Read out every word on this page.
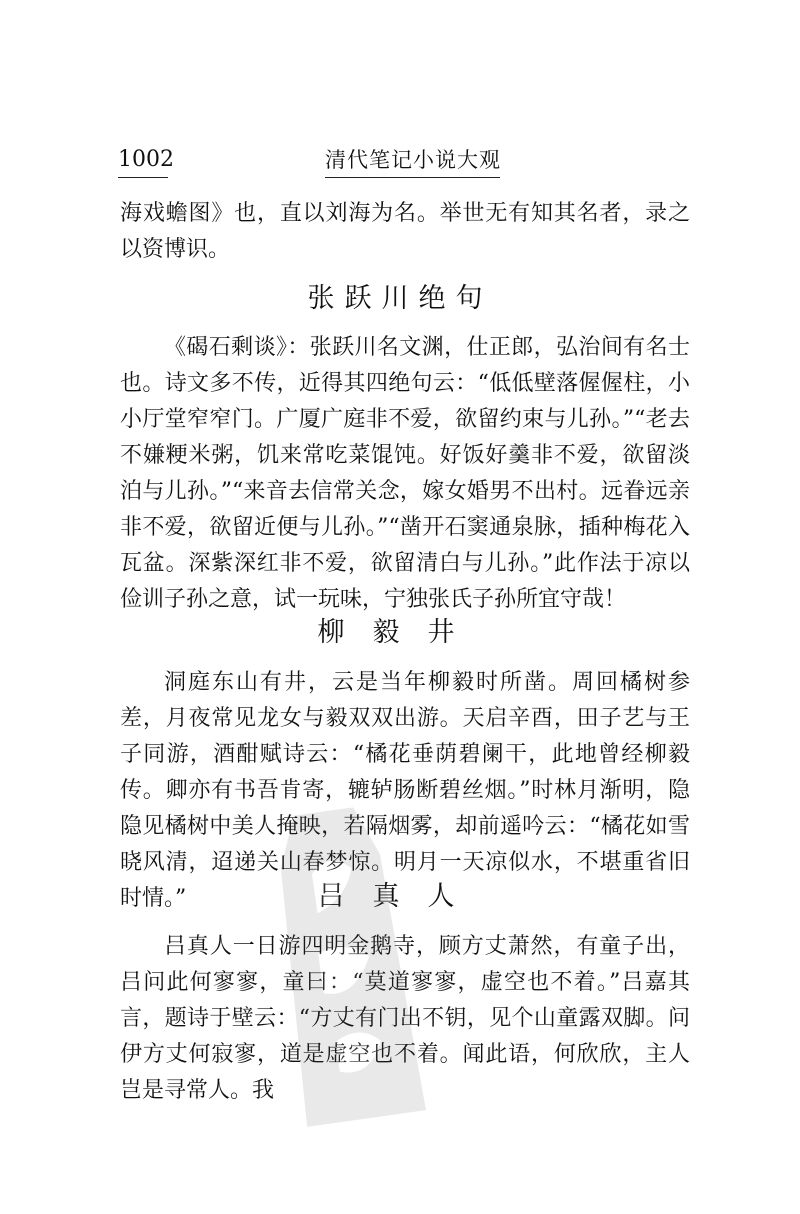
1002	清代笔记小说大观
海戏蟾图》也，直以刘海为名。举世无有知其名者，录之以资博识。
张跃川绝句
《碣石剩谈》：张跃川名文渊，仕正郎，弘治间有名士也。诗文多不传，近得其四绝句云：“低低壁落偓偓柱，小小厅堂窄窄门。广厦广庭非不爱，欲留约束与儿孙。”“老去不嫌粳米粥，饥来常吃菜馄饨。好饭好羹非不爱，欲留淡泊与儿孙。”“来音去信常关念，嫁女婚男不出村。远眷远亲非不爱，欲留近便与儿孙。”“凿开石窦通泉脉，插种梅花入瓦盆。深紫深红非不爱，欲留清白与儿孙。”此作法于凉以俭训子孙之意，试一玩味，宁独张氏子孙所宜守哉！
柳毅井
洞庭东山有井，云是当年柳毅时所凿。周回橘树参差，月夜常见龙女与毅双双出游。天启辛酉，田子艺与王子同游，酒酣赋诗云：“橘花垂荫碧阑干，此地曾经柳毅传。卿亦有书吾肯寄，辘轳肠断碧丝烟。”时林月渐明，隐隐见橘树中美人掩映，若隔烟雾，却前遥吟云：“橘花如雪晓风清，迢递关山春梦惊。明月一天凉似水，不堪重省旧时情。”	吕真人
吕真人一日游四明金鹅寺，顾方丈萧然，有童子出，吕问此何寥寥，童曰：“莫道寥寥，虚空也不着。”吕嘉其言，题诗于壁云：“方丈有门出不钥，见个山童露双脚。问伊方丈何寂寥，道是虚空也不着。闻此语，何欣欣，主人岂是寻常人。我
